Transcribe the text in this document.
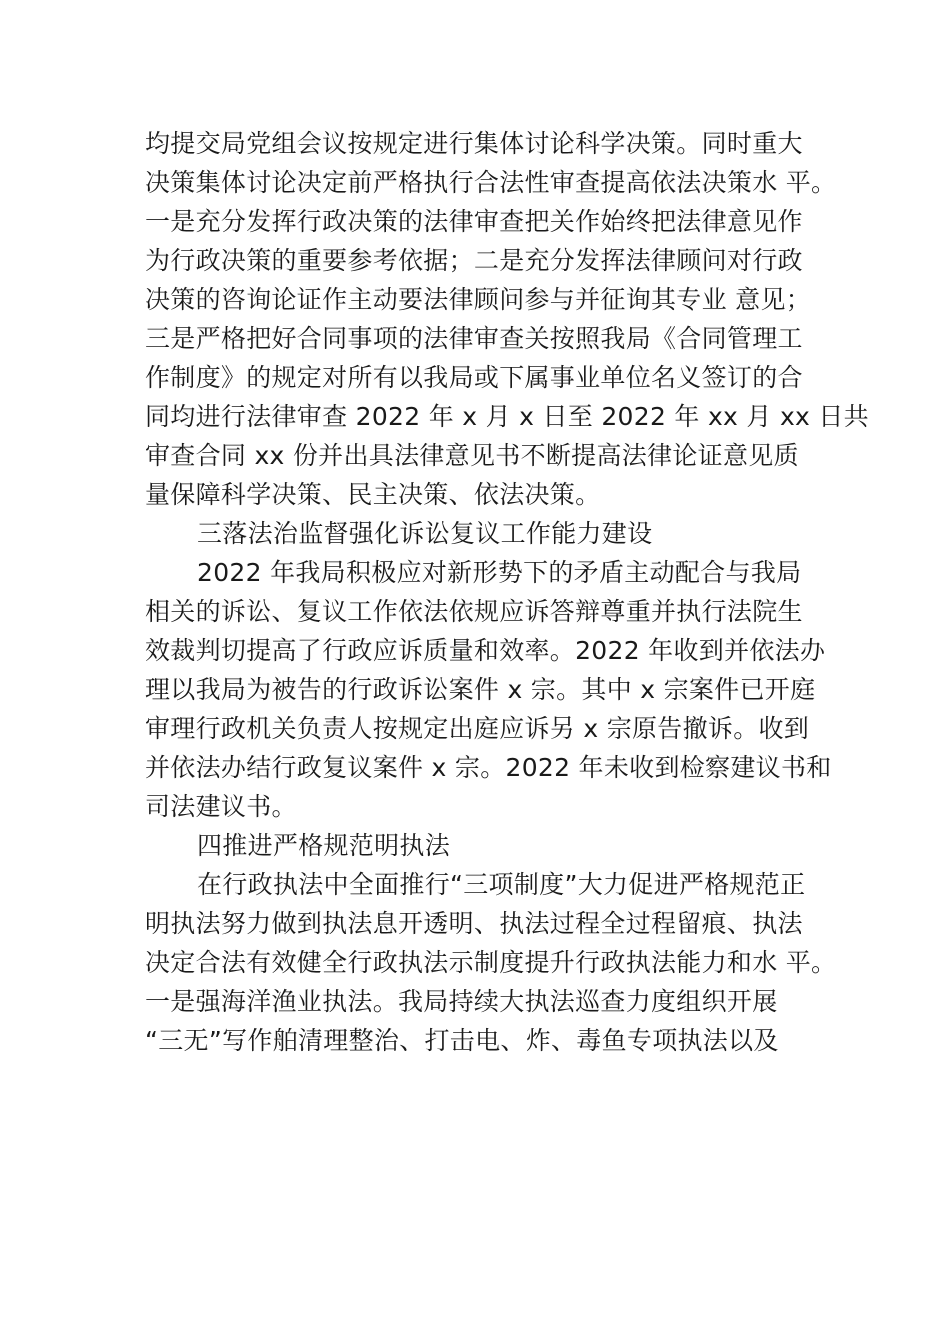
均提交局党组会议按规定进行集体讨论科学决策。同时重大
决策集体讨论决定前严格执行合法性审查提高依法决策水 平。
一是充分发挥行政决策的法律审查把关作始终把法律意见作
为行政决策的重要参考依据；二是充分发挥法律顾问对行政
决策的咨询论证作主动要法律顾问参与并征询其专业 意见；
三是严格把好合同事项的法律审查关按照我局《合同管理工
作制度》的规定对所有以我局或下属事业单位名义签订的合
同均进行法律审查 2022 年 x 月 x 日至 2022 年 xx 月 xx 日共
审查合同 xx 份并出具法律意见书不断提高法律论证意见质
量保障科学决策、民主决策、依法决策。
三落法治监督强化诉讼复议工作能力建设
2022 年我局积极应对新形势下的矛盾主动配合与我局
相关的诉讼、复议工作依法依规应诉答辩尊重并执行法院生
效裁判切提高了行政应诉质量和效率。2022 年收到并依法办
理以我局为被告的行政诉讼案件 x 宗。其中 x 宗案件已开庭
审理行政机关负责人按规定出庭应诉另 x 宗原告撤诉。收到
并依法办结行政复议案件 x 宗。2022 年未收到检察建议书和
司法建议书。
四推进严格规范明执法
在行政执法中全面推行“三项制度”大力促进严格规范正
明执法努力做到执法息开透明、执法过程全过程留痕、执法
决定合法有效健全行政执法示制度提升行政执法能力和水 平。
一是强海洋渔业执法。我局持续大执法巡查力度组织开展
“三无”写作舶清理整治、打击电、炸、毒鱼专项执法以及
